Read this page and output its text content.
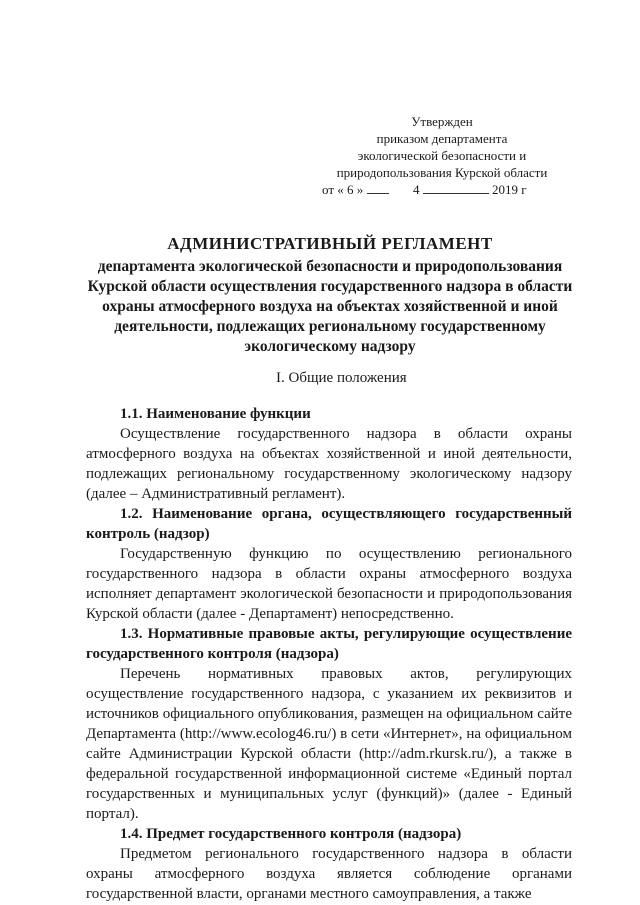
Утвержден
приказом департамента
экологической безопасности и
природопользования Курской области
от « 6 »	4	2019 г
АДМИНИСТРАТИВНЫЙ РЕГЛАМЕНТ
департамента экологической безопасности и природопользования Курской области осуществления государственного надзора в области охраны атмосферного воздуха на объектах хозяйственной и иной деятельности, подлежащих региональному государственному экологическому надзору
I. Общие положения

1.1. Наименование функции

Осуществление государственного надзора в области охраны атмосферного воздуха на объектах хозяйственной и иной деятельности, подлежащих региональному государственному экологическому надзору (далее – Административный регламент).

1.2. Наименование органа, осуществляющего государственный контроль (надзор)

Государственную функцию по осуществлению регионального государственного надзора в области охраны атмосферного воздуха исполняет департамент экологической безопасности и природопользования Курской области (далее - Департамент) непосредственно.

1.3. Нормативные правовые акты, регулирующие осуществление государственного контроля (надзора)

Перечень нормативных правовых актов, регулирующих осуществление государственного надзора, с указанием их реквизитов и источников официального опубликования, размещен на официальном сайте Департамента (http://www.ecolog46.ru/) в сети «Интернет», на официальном сайте Администрации Курской области (http://adm.rkursk.ru/), а также в федеральной государственной информационной системе «Единый портал государственных и муниципальных услуг (функций)» (далее - Единый портал).

1.4. Предмет государственного контроля (надзора)

Предметом регионального государственного надзора в области охраны атмосферного воздуха является соблюдение органами государственной власти, органами местного самоуправления, а также
